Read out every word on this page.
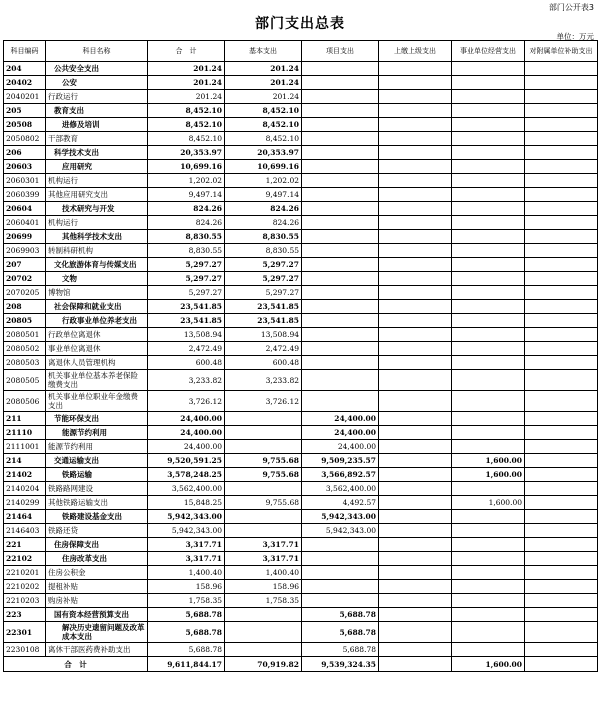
部门公开表3
部门支出总表
单位：万元
科目编码	科目名称	合　计	基本支出	项目支出	上缴上级支出	事业单位经营支出	对附属单位补助支出
204	公共安全支出	201.24	201.24				
20402	公安	201.24	201.24				
2040201	行政运行	201.24	201.24				
205	教育支出	8,452.10	8,452.10				
20508	进修及培训	8,452.10	8,452.10				
2050802	干部教育	8,452.10	8,452.10				
206	科学技术支出	20,353.97	20,353.97				
20603	应用研究	10,699.16	10,699.16				
2060301	机构运行	1,202.02	1,202.02				
2060399	其他应用研究支出	9,497.14	9,497.14				
20604	技术研究与开发	824.26	824.26				
2060401	机构运行	824.26	824.26				
20699	其他科学技术支出	8,830.55	8,830.55				
2069903	转制科研机构	8,830.55	8,830.55				
207	文化旅游体育与传媒支出	5,297.27	5,297.27				
20702	文物	5,297.27	5,297.27				
2070205	博物馆	5,297.27	5,297.27				
208	社会保障和就业支出	23,541.85	23,541.85				
20805	行政事业单位养老支出	23,541.85	23,541.85				
2080501	行政单位离退休	13,508.94	13,508.94				
2080502	事业单位离退休	2,472.49	2,472.49				
2080503	离退休人员管理机构	600.48	600.48				
2080505	机关事业单位基本养老保险缴费支出	3,233.82	3,233.82				
2080506	机关事业单位职业年金缴费支出	3,726.12	3,726.12				
211	节能环保支出	24,400.00		24,400.00			
21110	能源节约利用	24,400.00		24,400.00			
2111001	能源节约利用	24,400.00		24,400.00			
214	交通运输支出	9,520,591.25	9,755.68	9,509,235.57		1,600.00	
21402	铁路运输	3,578,248.25	9,755.68	3,566,892.57		1,600.00	
2140204	铁路路网建设	3,562,400.00		3,562,400.00			
2140299	其他铁路运输支出	15,848.25	9,755.68	4,492.57		1,600.00	
21464	铁路建设基金支出	5,942,343.00		5,942,343.00			
2146403	铁路还贷	5,942,343.00		5,942,343.00			
221	住房保障支出	3,317.71	3,317.71				
22102	住房改革支出	3,317.71	3,317.71				
2210201	住房公积金	1,400.40	1,400.40				
2210202	提租补贴	158.96	158.96				
2210203	购房补贴	1,758.35	1,758.35				
223	国有资本经营预算支出	5,688.78		5,688.78			
22301	解决历史遗留问题及改革成本支出	5,688.78		5,688.78			
2230108	离休干部医药费补助支出	5,688.78		5,688.78			
合　计		9,611,844.17	70,919.82	9,539,324.35		1,600.00	
